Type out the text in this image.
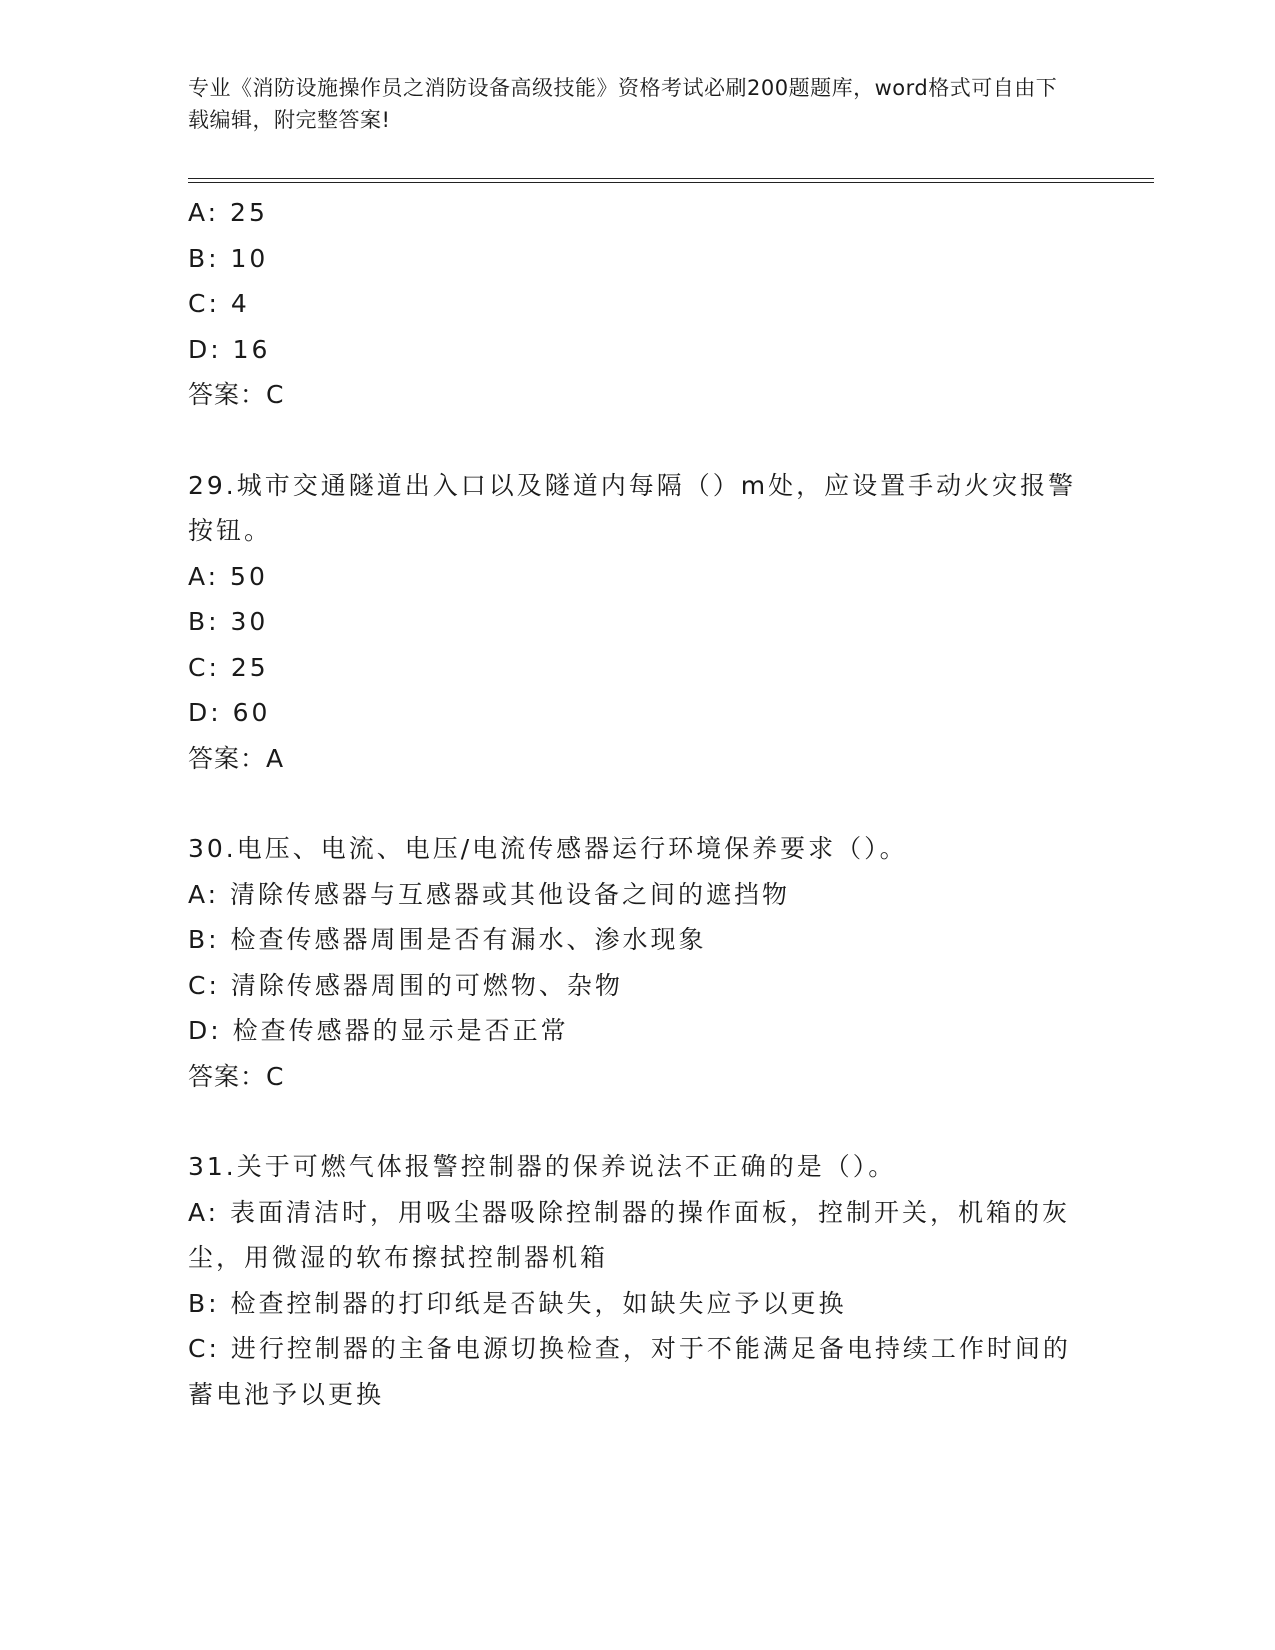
专业《消防设施操作员之消防设备高级技能》资格考试必刷200题题库，word格式可自由下载编辑，附完整答案!

A: 25

B: 10

C: 4

D: 16

答案：C

29.城市交通隧道出入口以及隧道内每隔（）m处，应设置手动火灾报警按钮。

A: 50

B: 30

C: 25

D: 60

答案：A

30.电压、电流、电压/电流传感器运行环境保养要求（）。

A: 清除传感器与互感器或其他设备之间的遮挡物

B: 检查传感器周围是否有漏水、渗水现象

C: 清除传感器周围的可燃物、杂物

D: 检查传感器的显示是否正常

答案：C

31.关于可燃气体报警控制器的保养说法不正确的是（）。

A: 表面清洁时，用吸尘器吸除控制器的操作面板，控制开关，机箱的灰尘，用微湿的软布擦拭控制器机箱

B: 检查控制器的打印纸是否缺失，如缺失应予以更换

C: 进行控制器的主备电源切换检查，对于不能满足备电持续工作时间的蓄电池予以更换
